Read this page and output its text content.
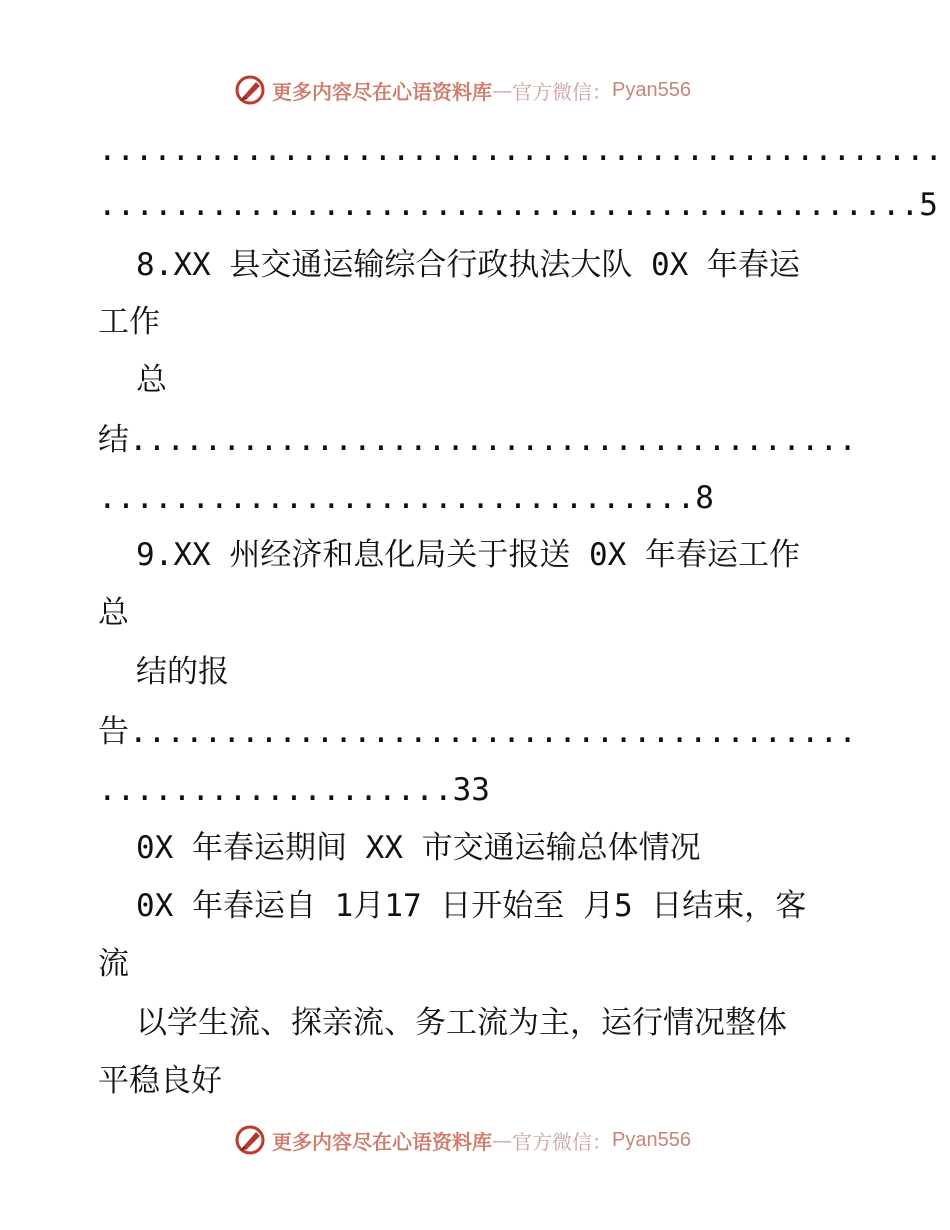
更多内容尽在心语资料库 — 官方微信： Pyan556
..............................................
............................................5
8.XX 县交通运输综合行政执法大队 0X 年春运
工作
总
结.......................................
................................8
9.XX 州经济和息化局关于报送 0X 年春运工作
总
结的报
告.......................................
...................33
0X 年春运期间 XX 市交通运输总体情况
0X 年春运自 1月17 日开始至 月5 日结束，客
流
以学生流、探亲流、务工流为主，运行情况整体
平稳良好
更多内容尽在心语资料库 — 官方微信： Pyan556
